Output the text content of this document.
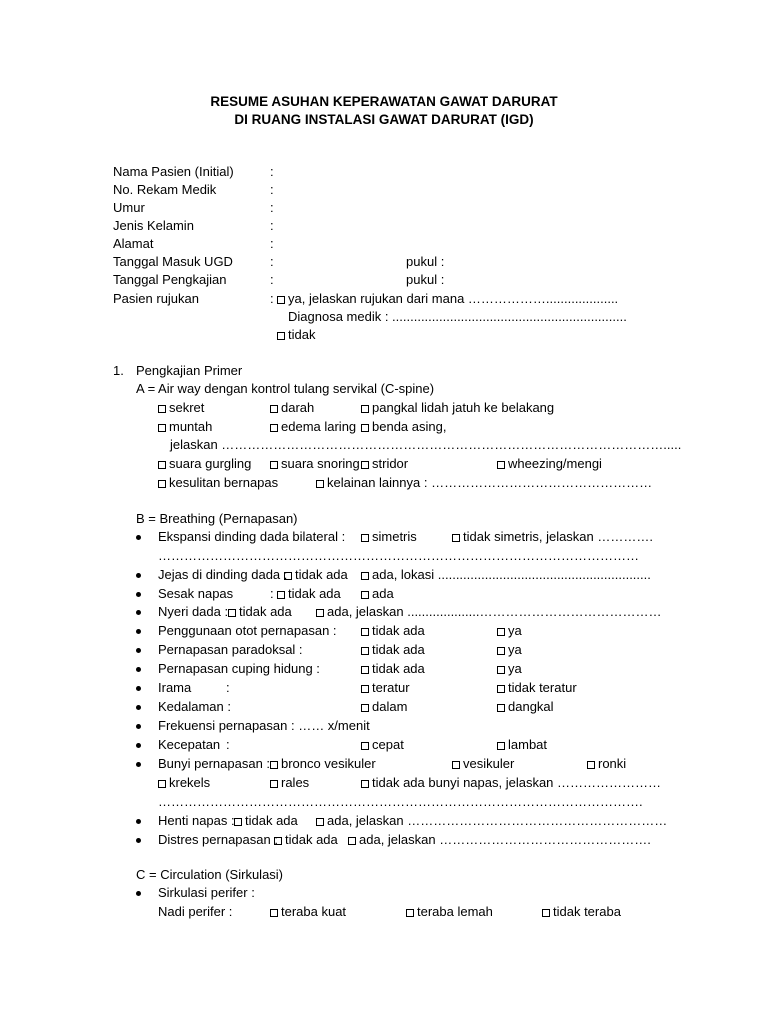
RESUME ASUHAN KEPERAWATAN GAWAT DARURAT
DI RUANG INSTALASI GAWAT DARURAT (IGD)
Nama Pasien (Initial)	:
No. Rekam Medik	:
Umur	:
Jenis Kelamin	:
Alamat	:
Tanggal Masuk UGD	:	pukul :
Tanggal Pengkajian	:	pukul :
Pasien rujukan	:	ya, jelaskan rujukan dari mana ………………....................
Diagnosa medik : .................................................................
tidak
1. Pengkajian Primer
A = Air way dengan kontrol tulang servikal (C-spine)
sekret	darah	pangkal lidah jatuh ke belakang
muntah	edema laring	benda asing,
jelaskan ………………………………………………………………………………………….....
suara gurgling	suara snoring stridor	wheezing/mengi
kesulitan bernapas	kelainan lainnya : ……………………………………………
B = Breathing (Pernapasan)
Ekspansi dinding dada bilateral :	simetris	tidak simetris, jelaskan ………….
…………………………………………………………………………………………………
Jejas di dinding dada : tidak ada	ada, lokasi ...........................................................
Sesak napas	:	tidak ada	ada
Nyeri dada : tidak ada	ada, jelaskan ....................……………………………………
Penggunaan otot pernapasan :	tidak ada	ya
Pernapasan paradoksal :	tidak ada	ya
Pernapasan cuping hidung :	tidak ada	ya
Irama	:	teratur	tidak teratur
Kedalaman :	dalam	dangkal
Frekuensi pernapasan : …… x/menit
Kecepatan :	cepat	lambat
Bunyi pernapasan : bronco vesikuler	vesikuler	ronki
krekels	rales	tidak ada bunyi napas, jelaskan ……………………
………………………………………………………………………………………………….
Henti napas : tidak ada	ada, jelaskan ……………………………………………………
Distres pernapasan : tidak ada	ada, jelaskan ………………………………………….
C = Circulation (Sirkulasi)
Sirkulasi perifer :
Nadi perifer :	teraba kuat	teraba lemah	tidak teraba
